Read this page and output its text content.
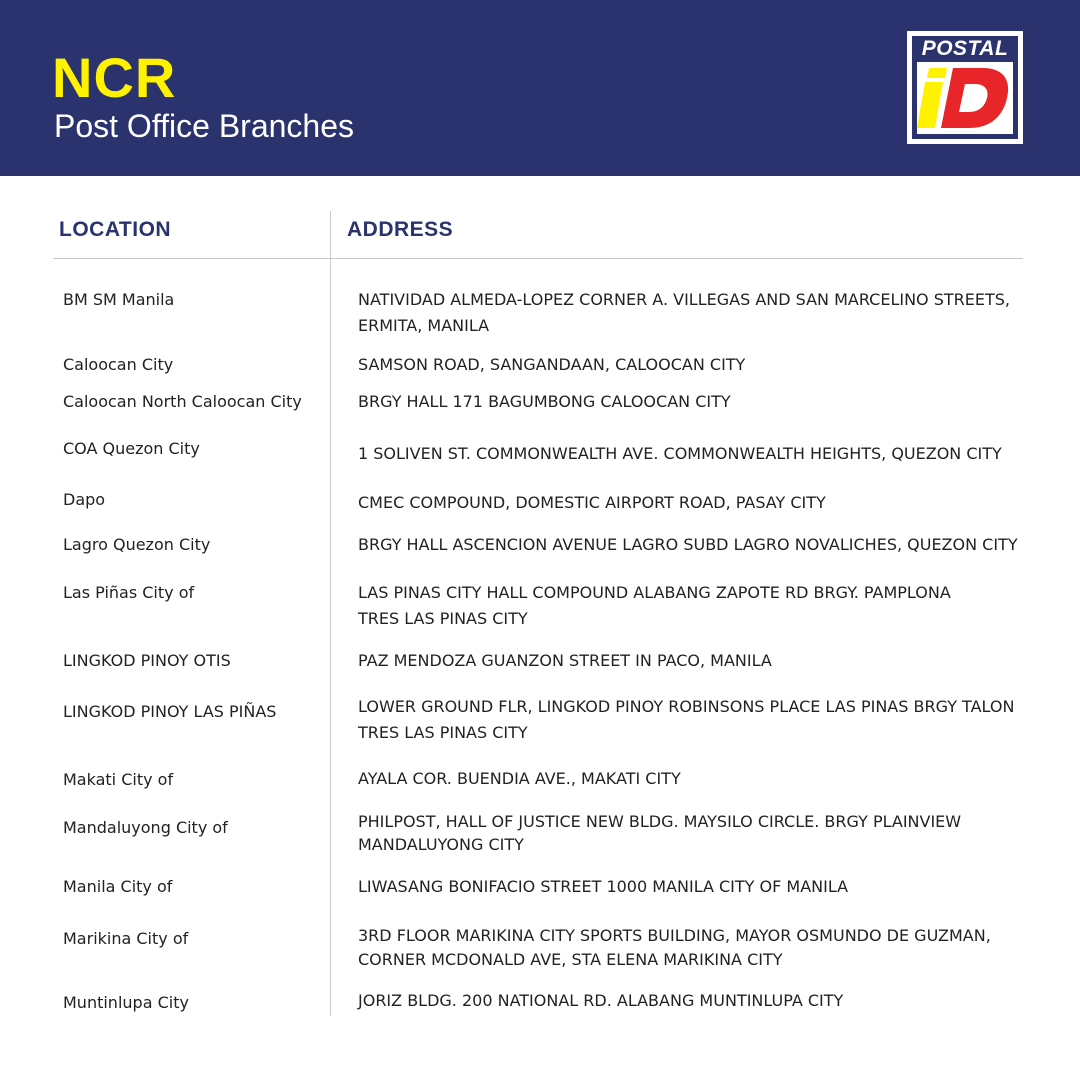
NCR
Post Office Branches
POSTAL
LOCATION	ADDRESS
BM SM Manila	NATIVIDAD ALMEDA-LOPEZ CORNER A. VILLEGAS AND SAN MARCELINO STREETS,
ERMITA, MANILA
Caloocan City	SAMSON ROAD, SANGANDAAN, CALOOCAN CITY
Caloocan North Caloocan City	BRGY HALL 171 BAGUMBONG CALOOCAN CITY
COA Quezon City	1 SOLIVEN ST. COMMONWEALTH AVE. COMMONWEALTH HEIGHTS, QUEZON CITY
Dapo	CMEC COMPOUND, DOMESTIC AIRPORT ROAD, PASAY CITY
Lagro Quezon City	BRGY HALL ASCENCION AVENUE LAGRO SUBD LAGRO NOVALICHES, QUEZON CITY
Las Piñas City of	LAS PINAS CITY HALL COMPOUND ALABANG ZAPOTE RD BRGY. PAMPLONA
TRES LAS PINAS CITY
LINGKOD PINOY OTIS	PAZ MENDOZA GUANZON STREET IN PACO, MANILA
LINGKOD PINOY LAS PIÑAS	LOWER GROUND FLR, LINGKOD PINOY ROBINSONS PLACE LAS PINAS BRGY TALON
TRES LAS PINAS CITY
Makati City of	AYALA COR. BUENDIA AVE., MAKATI CITY
Mandaluyong City of	PHILPOST, HALL OF JUSTICE NEW BLDG. MAYSILO CIRCLE. BRGY PLAINVIEW
MANDALUYONG CITY
Manila City of	LIWASANG BONIFACIO STREET 1000 MANILA CITY OF MANILA
Marikina City of	3RD FLOOR MARIKINA CITY SPORTS BUILDING, MAYOR OSMUNDO DE GUZMAN,
CORNER MCDONALD AVE, STA ELENA MARIKINA CITY
Muntinlupa City	JORIZ BLDG. 200 NATIONAL RD. ALABANG MUNTINLUPA CITY
